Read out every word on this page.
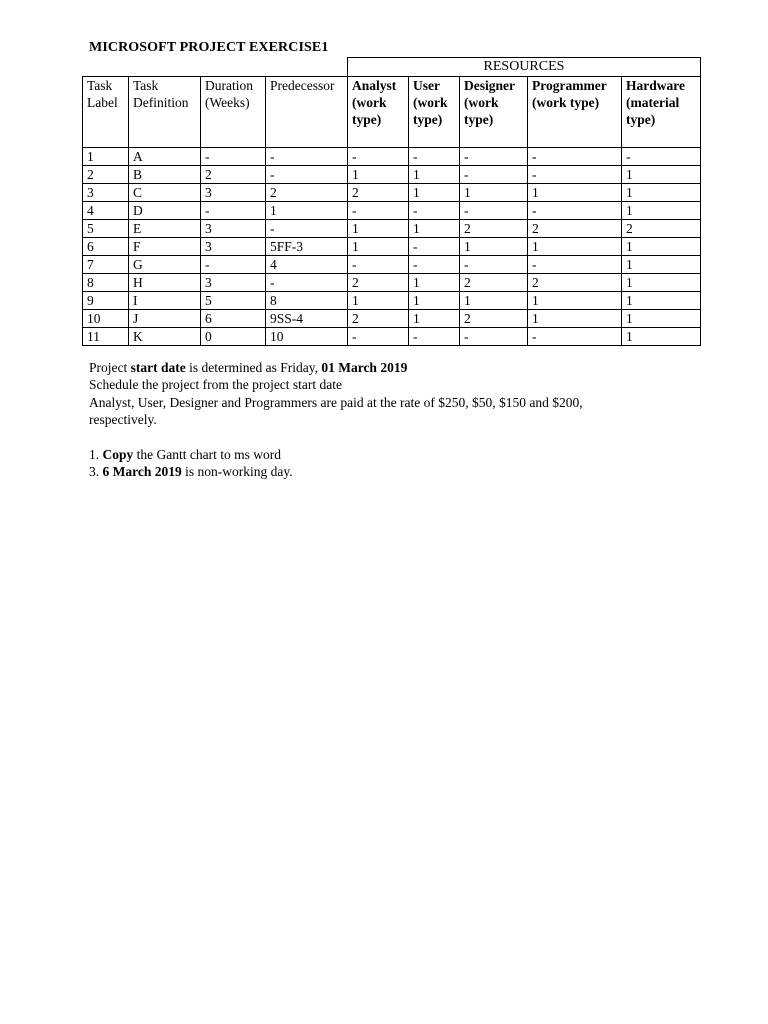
MICROSOFT PROJECT EXERCISE1
				RESOURCES				
Task Label	Task Definition	Duration (Weeks)	Predecessor	Analyst (work type)	User (work type)	Designer (work type)	Programmer (work type)	Hardware (material type)
1	A	-	-	-	-	-	-	-
2	B	2	-	1	1	-	-	1
3	C	3	2	2	1	1	1	1
4	D	-	1	-	-	-	-	1
5	E	3	-	1	1	2	2	2
6	F	3	5FF-3	1	-	1	1	1
7	G	-	4	-	-	-	-	1
8	H	3	-	2	1	2	2	1
9	I	5	8	1	1	1	1	1
10	J	6	9SS-4	2	1	2	1	1
11	K	0	10	-	-	-	-	1
Project start date is determined as Friday, 01 March 2019
Schedule the project from the project start date
Analyst, User, Designer and Programmers are paid at the rate of $250, $50, $150 and $200,
respectively.
1. Copy the Gantt chart to ms word
3. 6 March 2019 is non-working day.
